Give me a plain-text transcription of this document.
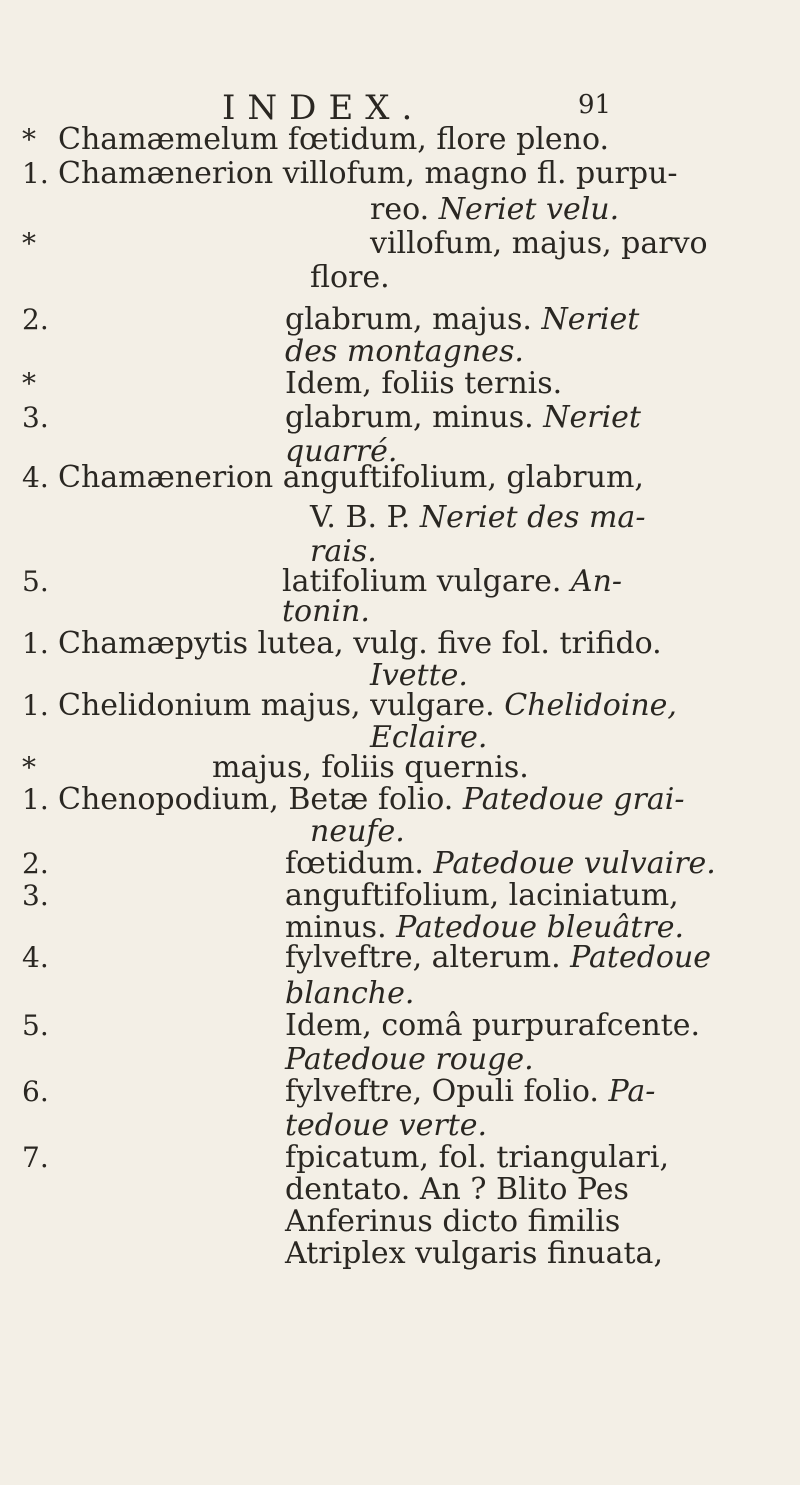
INDEX.	91
* Chamæmelum fœtidum, flore pleno.
1. Chamænerion villofum, magno fl. purpu-
reo. Neriet velu.
*	villofum, majus, parvo
flore.
2.	glabrum, majus. Neriet
des montagnes.
*	Idem, foliis ternis.
3.	glabrum, minus. Neriet
quarré.
4. Chamænerion anguftifolium, glabrum,
V. B. P. Neriet des ma-
rais.
5.	latifolium vulgare. An-
tonin.
1. Chamæpytis lutea, vulg. five fol. trifido.
Ivette.
1. Chelidonium majus, vulgare. Chelidoine,
Eclaire.
*	majus, foliis quernis.
1. Chenopodium, Betæ folio. Patedoue grai-
neufe.
2.	fœtidum. Patedoue vulvaire.
3.	anguftifolium, laciniatum,
minus. Patedoue bleuâtre.
4.	fylveftre, alterum. Patedoue
blanche.
5.	Idem, comâ purpurafcente.
Patedoue rouge.
6.	fylveftre, Opuli folio. Pa-
tedoue verte.
7.	fpicatum, fol. triangulari,
dentato. An ? Blito Pes
Anferinus dicto fimilis
Atriplex vulgaris finuata,
